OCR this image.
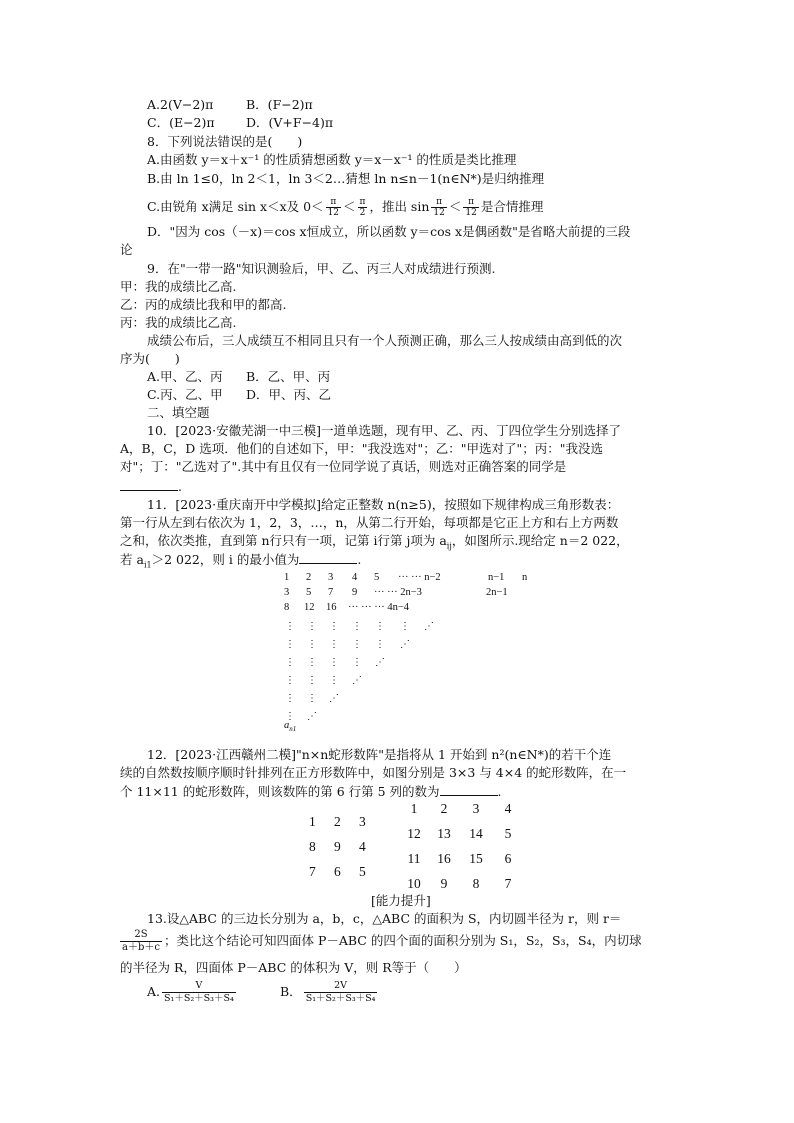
A.2(V−2)π	B．(F−2)π
C．(E−2)π	D．(V+F−4)π
8．下列说法错误的是(　　)
A.由函数 y＝x＋x⁻¹ 的性质猜想函数 y＝x－x⁻¹ 的性质是类比推理
B.由 ln 1≤0，ln 2＜1，ln 3＜2…猜想 ln n≤n－1(n∈N*)是归纳推理
C.由锐角 x满足 sin x＜x及 $0< \frac{\pi}{12} < \frac{\pi}{2}$ ，推出 $\sin \frac{\pi}{12} < \frac{\pi}{12}$ 是合情推理
D．"因为 cos（－x)＝cos x恒成立，所以函数 y＝cos x是偶函数"是省略大前提的三段
论
9．在"一带一路"知识测验后，甲、乙、丙三人对成绩进行预测.
甲：我的成绩比乙高.
乙：丙的成绩比我和甲的都高.
丙：我的成绩比乙高.
成绩公布后，三人成绩互不相同且只有一个人预测正确，那么三人按成绩由高到低的次
序为(　　)
A.甲、乙、丙 B．乙、甲、丙
C.丙、乙、甲 D．甲、丙、乙
二、填空题
10．[2023·安徽芜湖一中三模]一道单选题，现有甲、乙、丙、丁四位学生分别选择了
A，B，C，D 选项．他们的自述如下，甲："我没选对"；乙："甲选对了"；丙："我没选
对"；丁："乙选对了".其中有且仅有一位同学说了真话，则选对正确答案的同学是
.
11．[2023·重庆南开中学模拟]给定正整数 n(n≥5)，按照如下规律构成三角形数表：
第一行从左到右依次为 1，2，3，…，n，从第二行开始，每项都是它正上方和右上方两数
之和，依次类推，直到第 n行只有一项，记第 i行第 j项为 $a_{ij}$，如图所示.现给定 n＝2 022，
若 $a_{i1}>2$ 022，则 i 的最小值为	.
1 2 3 4 5 ··· ··· n−2	n−1 n
3 5 7 9 ··· ··· 2n−3	2n−1
8 12 16 ··· ··· ··· 4n−4
⋮
⋮
⋮
⋮
⋮
⋮
⋮
⋮
⋮
⋮
⋮
⋰
⋮
⋮
⋮
⋮
⋰
⋮
⋮
⋮
⋰
⋮
⋮
⋰
⋮
⋰
⋰
$a_{n1}$
12．[2023·江西赣州二模]"n×n蛇形数阵"是指将从 1 开始到 n²(n∈N*)的若干个连
续的自然数按顺序顺时针排列在正方形数阵中，如图分别是 3×3 与 4×4 的蛇形数阵，在一
个 11×11 的蛇形数阵，则该数阵的第 6 行第 5 列的数为	.
1 2 3
8 9 4
7 6 5
1	2	3	4
12 13 14	5
11 16 15	6
10	9	8	7
[能力提升]
13.设△ABC 的三边长分别为 a，b，c，△ABC 的面积为 S，内切圆半径为 r，则 r＝
$\frac{2S}{a+b+c}$ ；类比这个结论可知四面体 P－ABC 的四个面的面积分别为 S₁，S₂，S₃，S₄，内切球
的半径为 R，四面体 P－ABC 的体积为 V，则 R等于（　　）
A. $\frac{V}{\text{S₁＋S₂＋S₃＋S₄}}$	B． $\frac{2V}{\text{S₁＋S₂＋S₃＋S₄}}$
